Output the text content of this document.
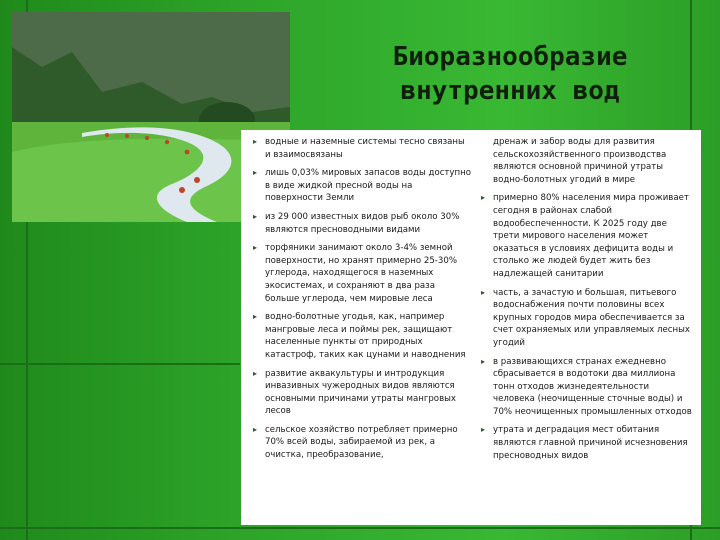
Биоразнообразие
внутренних вод
▸ водные и наземные системы тесно связаны и взаимосвязаны
▸ лишь 0,03% мировых запасов воды доступно в виде жидкой пресной воды на поверхности Земли
▸ из 29 000 известных видов рыб около 30% являются пресноводными видами
▸ торфяники занимают около 3-4% земной поверхности, но хранят примерно 25-30% углерода, находящегося в наземных экосистемах, и сохраняют в два раза больше углерода, чем мировые леса
▸ водно-болотные угодья, как, например мангровые леса и поймы рек, защищают населенные пункты от природных катастроф, таких как цунами и наводнения
▸ развитие аквакультуры и интродукция инвазивных чужеродных видов являются основными причинами утраты мангровых лесов
▸ сельское хозяйство потребляет примерно 70% всей воды, забираемой из рек, а очистка, преобразование,
дренаж и забор воды для развития сельскохозяйственного производства являются основной причиной утраты водно-болотных угодий в мире
▸ примерно 80% населения мира проживает сегодня в районах слабой водообеспеченности. К 2025 году две трети мирового населения может оказаться в условиях дефицита воды и столько же людей будет жить без надлежащей санитарии
▸ часть, а зачастую и большая, питьевого водоснабжения почти половины всех крупных городов мира обеспечивается за счет охраняемых или управляемых лесных угодий
▸ в развивающихся странах ежедневно сбрасывается в водотоки два миллиона тонн отходов жизнедеятельности человека (неочищенные сточные воды) и 70% неочищенных промышленных отходов
▸ утрата и деградация мест обитания являются главной причиной исчезновения пресноводных видов
